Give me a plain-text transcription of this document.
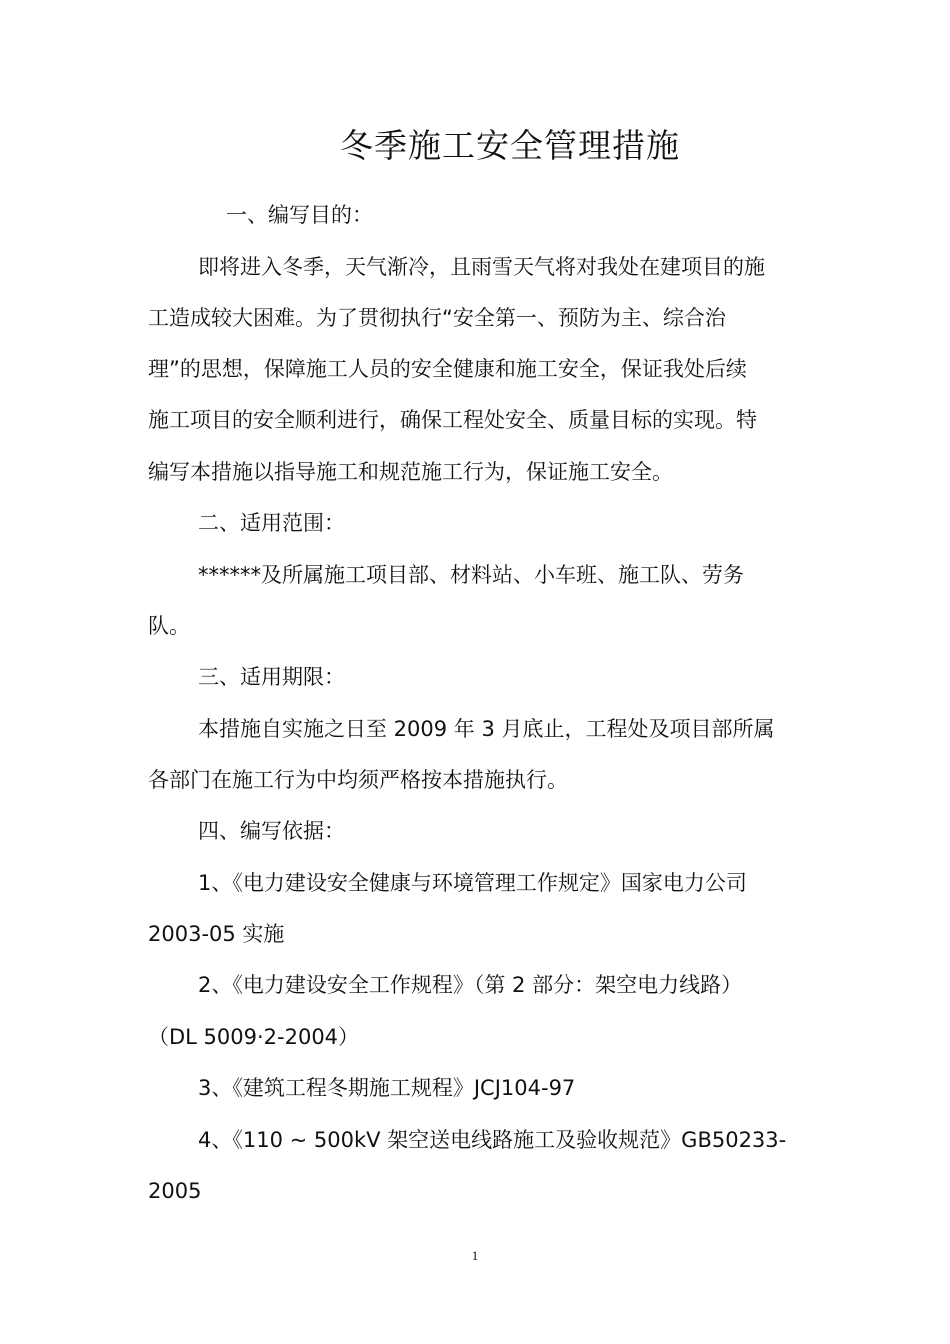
冬季施工安全管理措施
一、编写目的：
即将进入冬季，天气渐冷，且雨雪天气将对我处在建项目的施
工造成较大困难。为了贯彻执行“安全第一、预防为主、综合治
理”的思想，保障施工人员的安全健康和施工安全，保证我处后续
施工项目的安全顺利进行，确保工程处安全、质量目标的实现。特
编写本措施以指导施工和规范施工行为，保证施工安全。
二、适用范围：
******及所属施工项目部、材料站、小车班、施工队、劳务
队。
三、适用期限：
本措施自实施之日至 2009 年 3 月底止，工程处及项目部所属
各部门在施工行为中均须严格按本措施执行。
四、编写依据：
1、《电力建设安全健康与环境管理工作规定》国家电力公司
2003-05 实施
2、《电力建设安全工作规程》（第 2 部分：架空电力线路）
（DL 5009·2-2004）
3、《建筑工程冬期施工规程》JCJ104-97
4、《110 ~ 500kV 架空送电线路施工及验收规范》GB50233-
2005
1
